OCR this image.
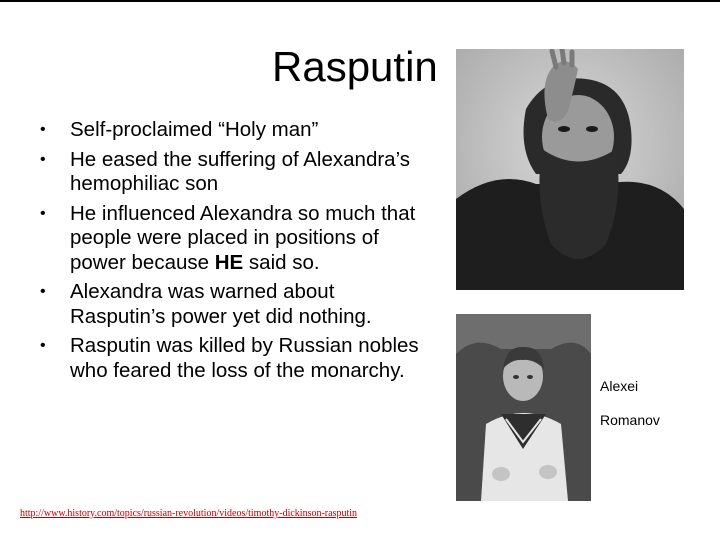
Rasputin
• Self-proclaimed “Holy man”
• He eased the suffering of Alexandra’s hemophiliac son
• He influenced Alexandra so much that people were placed in positions of power because HE said so.
• Alexandra was warned about Rasputin’s power yet did nothing.
• Rasputin was killed by Russian nobles who feared the loss of the monarchy.
Alexei
Romanov
http://www.history.com/topics/russian-revolution/videos/timothy-dickinson-rasputin
